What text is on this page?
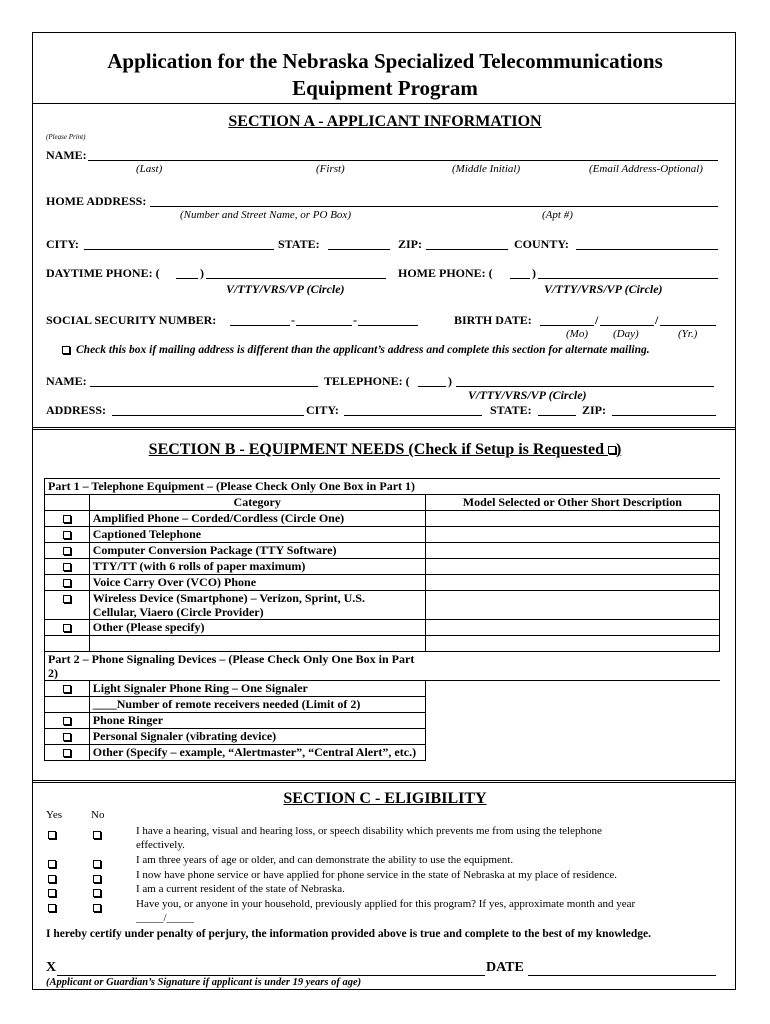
Application for the Nebraska Specialized Telecommunications
Equipment Program
SECTION A - APPLICANT INFORMATION
(Please Print)
NAME:
(Last)	(First)	(Middle Initial)	(Email Address-Optional)
HOME ADDRESS:
(Number and Street Name, or PO Box)	(Apt #)
CITY:	STATE:	ZIP:	COUNTY:
DAYTIME PHONE: (	)	HOME PHONE: (	)
V/TTY/VRS/VP (Circle)	V/TTY/VRS/VP (Circle)
SOCIAL SECURITY NUMBER:	-	-	BIRTH DATE:	/	/
(Mo) (Day)	(Yr.)
Check this box if mailing address is different than the applicant’s address and complete this section for alternate mailing.
NAME:	TELEPHONE: (	)
V/TTY/VRS/VP (Circle)
ADDRESS:	CITY:	STATE:	ZIP:
SECTION B - EQUIPMENT NEEDS (Check if Setup is Requested )
Part 1 – Telephone Equipment – (Please Check Only One Box in Part 1)		
	Category	Model Selected or Other Short Description
	Amplified Phone – Corded/Cordless (Circle One)	
	Captioned Telephone	
	Computer Conversion Package (TTY Software)	
	TTY/TT (with 6 rolls of paper maximum)	
	Voice Carry Over (VCO) Phone	
	Wireless Device (Smartphone) – Verizon, Sprint, U.S.
Cellular, Viaero (Circle Provider)	
	Other (Please specify)	

Part 2 – Phone Signaling Devices – (Please Check Only One Box in Part 2)		
	Light Signaler Phone Ring – One Signaler	
	____Number of remote receivers needed (Limit of 2)	
	Phone Ringer	
	Personal Signaler (vibrating device)	
	Other (Specify – example, “Alertmaster”, “Central Alert”, etc.)	
SECTION C - ELIGIBILITY
Yes	No
I have a hearing, visual and hearing loss, or speech disability which prevents me from using the telephone
effectively.
I am three years of age or older, and can demonstrate the ability to use the equipment.
I now have phone service or have applied for phone service in the state of Nebraska at my place of residence.
I am a current resident of the state of Nebraska.
Have you, or anyone in your household, previously applied for this program? If yes, approximate month and year
_____/_____
I hereby certify under penalty of perjury, the information provided above is true and complete to the best of my knowledge.
X	DATE
(Applicant or Guardian’s Signature if applicant is under 19 years of age)
